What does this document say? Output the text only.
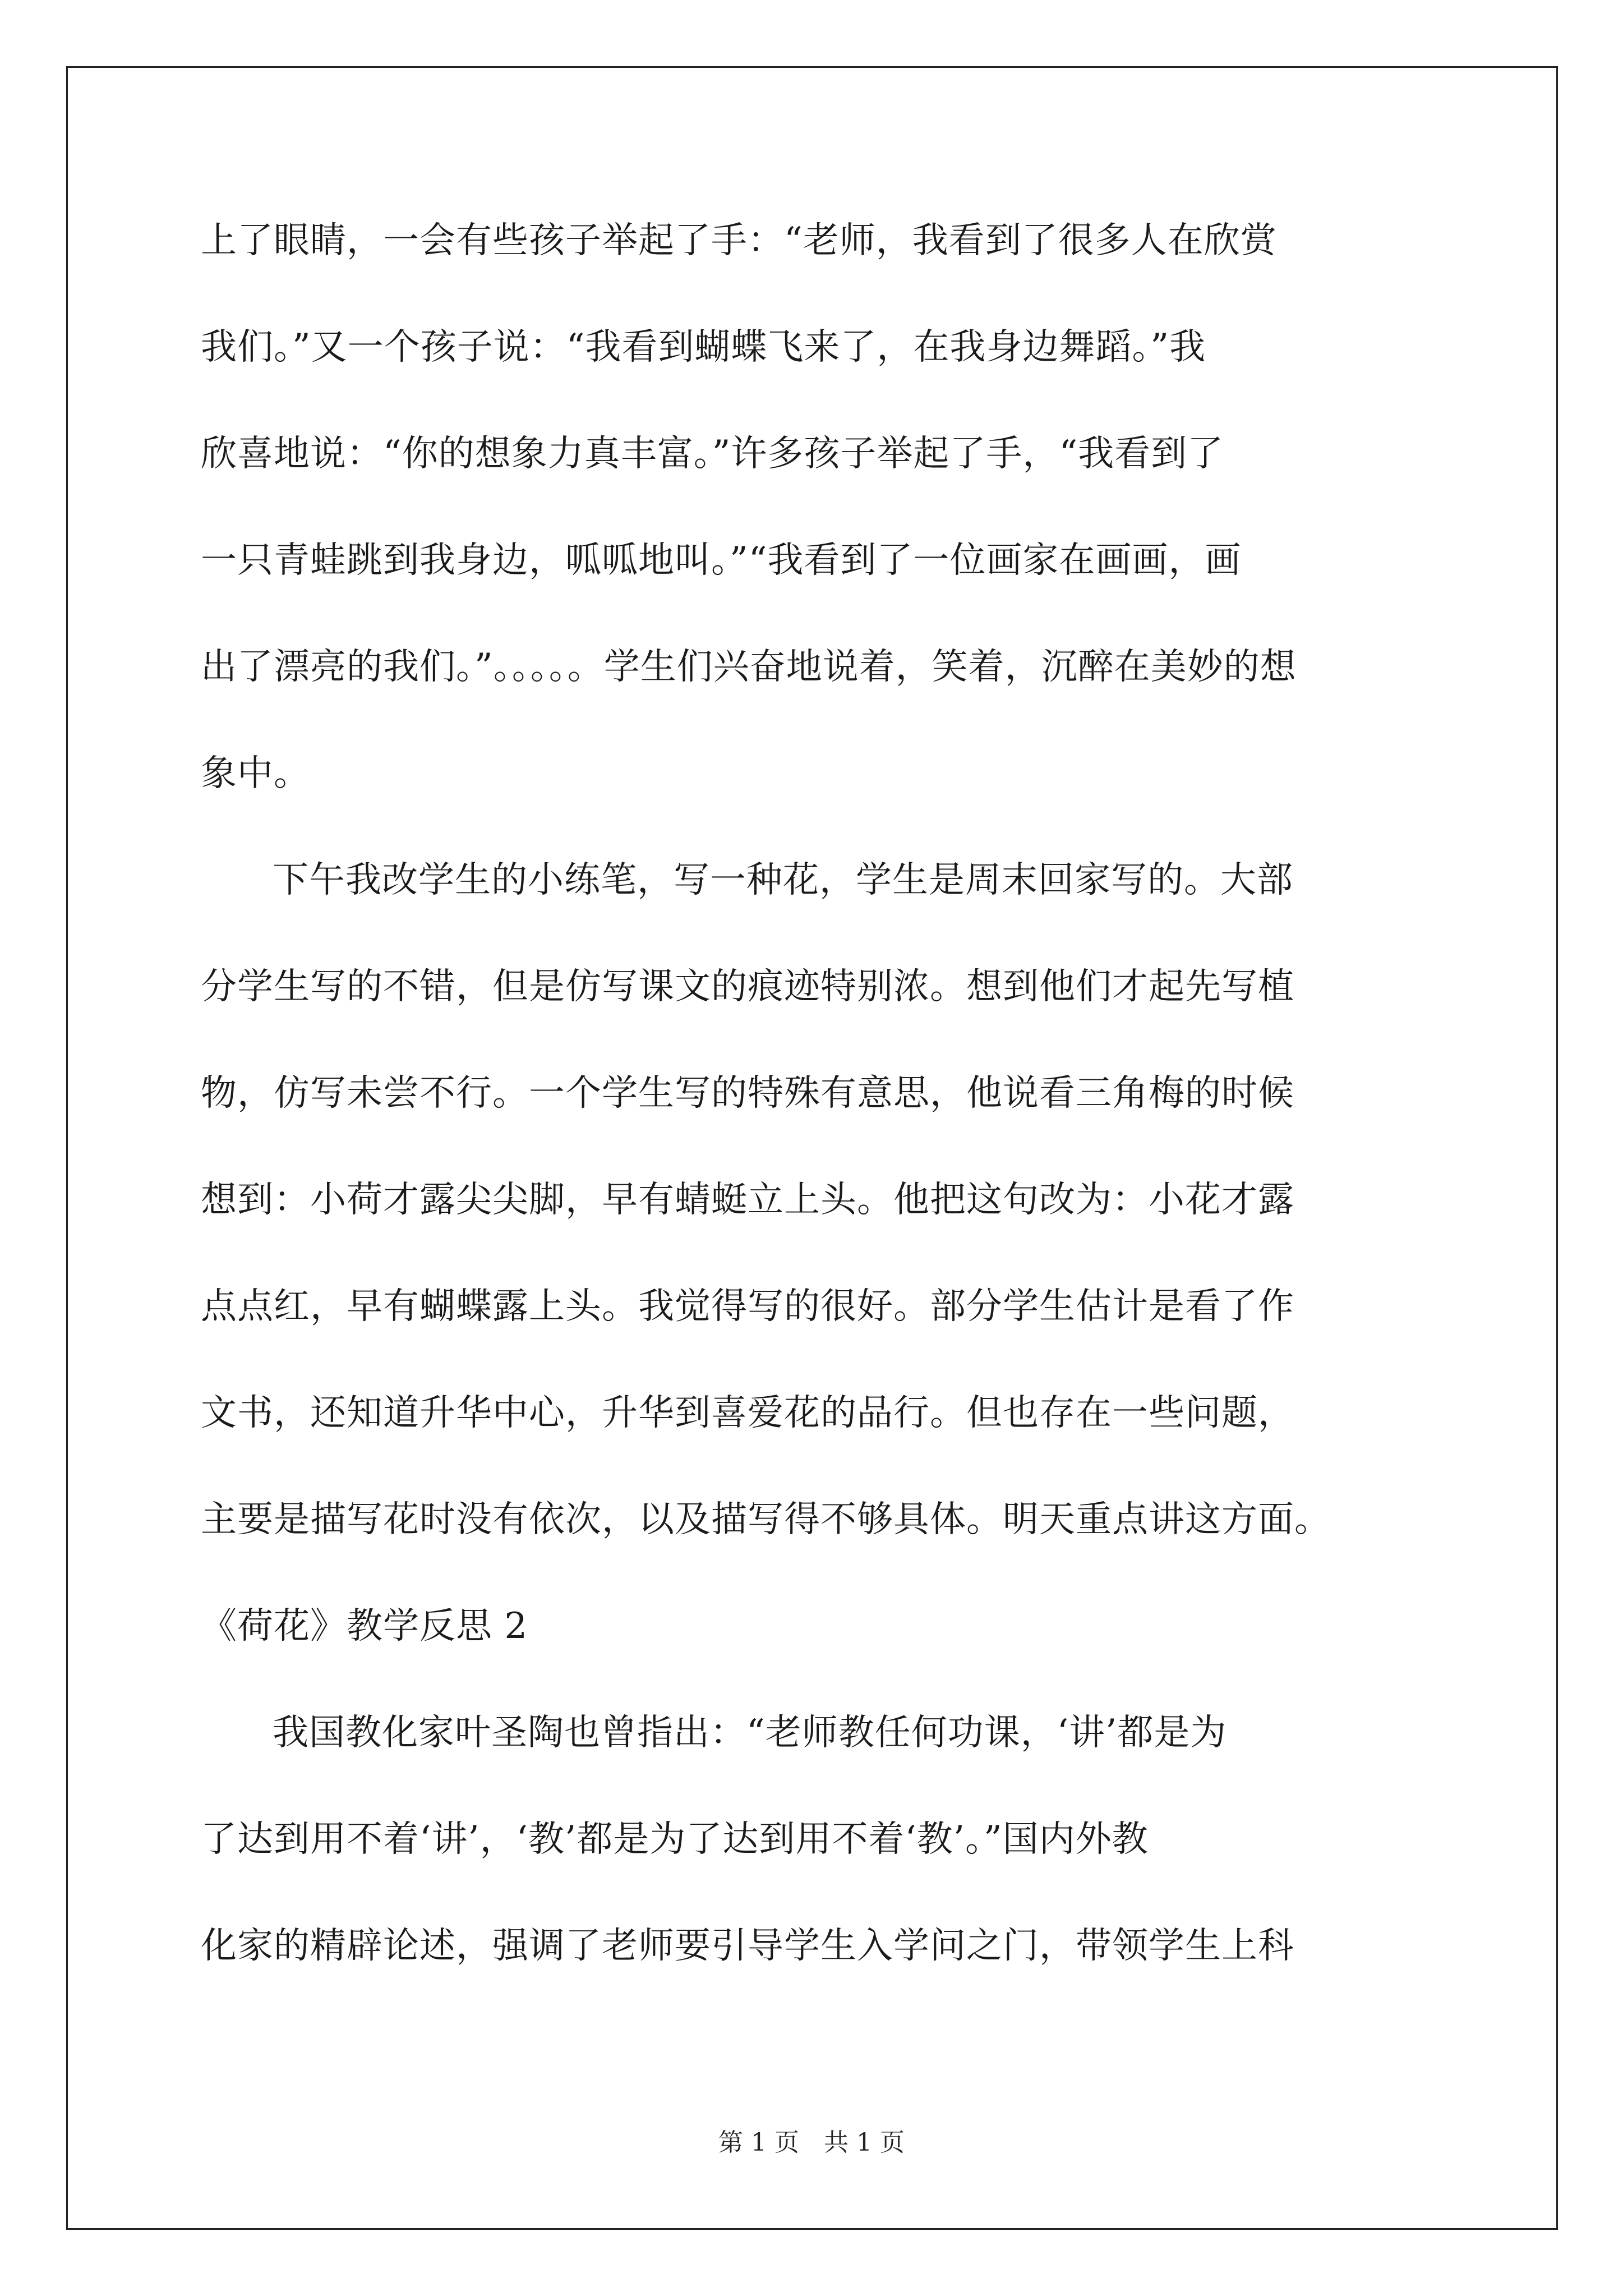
上了眼睛，一会有些孩子举起了手：“老师，我看到了很多人在欣赏
我们。”又一个孩子说：“我看到蝴蝶飞来了，在我身边舞蹈。”我
欣喜地说：“你的想象力真丰富。”许多孩子举起了手，“我看到了
一只青蛙跳到我身边，呱呱地叫。”“我看到了一位画家在画画，画
出了漂亮的我们。”。。。。。学生们兴奋地说着，笑着，沉醉在美妙的想
象中。
下午我改学生的小练笔，写一种花，学生是周末回家写的。大部
分学生写的不错，但是仿写课文的痕迹特别浓。想到他们才起先写植
物，仿写未尝不行。一个学生写的特殊有意思，他说看三角梅的时候
想到：小荷才露尖尖脚，早有蜻蜓立上头。他把这句改为：小花才露
点点红，早有蝴蝶露上头。我觉得写的很好。部分学生估计是看了作
文书，还知道升华中心，升华到喜爱花的品行。但也存在一些问题，
主要是描写花时没有依次，以及描写得不够具体。明天重点讲这方面。
《荷花》教学反思 2
我国教化家叶圣陶也曾指出：“老师教任何功课，‘讲’都是为
了达到用不着‘讲’，‘教’都是为了达到用不着‘教’。”国内外教
化家的精辟论述，强调了老师要引导学生入学问之门，带领学生上科
第 1 页　共 1 页
